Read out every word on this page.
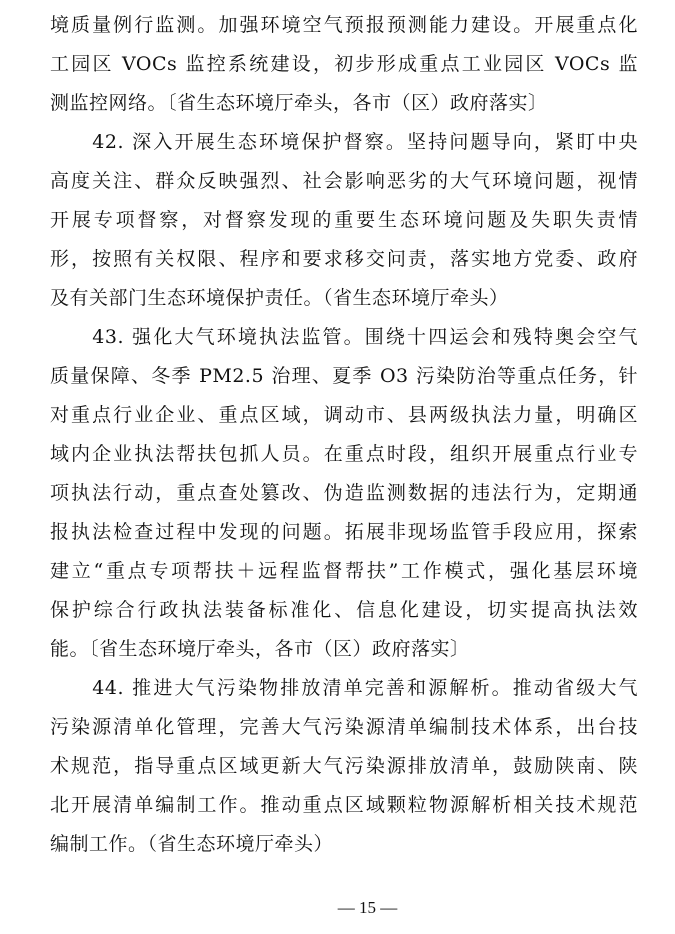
境质量例行监测。加强环境空气预报预测能力建设。开展重点化
工园区 VOCs 监控系统建设，初步形成重点工业园区 VOCs 监
测监控网络。〔省生态环境厅牵头，各市（区）政府落实〕
　　42. 深入开展生态环境保护督察。坚持问题导向，紧盯中央
高度关注、群众反映强烈、社会影响恶劣的大气环境问题，视情
开展专项督察，对督察发现的重要生态环境问题及失职失责情
形，按照有关权限、程序和要求移交问责，落实地方党委、政府
及有关部门生态环境保护责任。（省生态环境厅牵头）
　　43. 强化大气环境执法监管。围绕十四运会和残特奥会空气
质量保障、冬季 PM2.5 治理、夏季 O3 污染防治等重点任务，针
对重点行业企业、重点区域，调动市、县两级执法力量，明确区
域内企业执法帮扶包抓人员。在重点时段，组织开展重点行业专
项执法行动，重点查处篡改、伪造监测数据的违法行为，定期通
报执法检查过程中发现的问题。拓展非现场监管手段应用，探索
建立“重点专项帮扶＋远程监督帮扶”工作模式，强化基层环境
保护综合行政执法装备标准化、信息化建设，切实提高执法效
能。〔省生态环境厅牵头，各市（区）政府落实〕
　　44. 推进大气污染物排放清单完善和源解析。推动省级大气
污染源清单化管理，完善大气污染源清单编制技术体系，出台技
术规范，指导重点区域更新大气污染源排放清单，鼓励陕南、陕
北开展清单编制工作。推动重点区域颗粒物源解析相关技术规范
编制工作。（省生态环境厅牵头）
— 15 —
